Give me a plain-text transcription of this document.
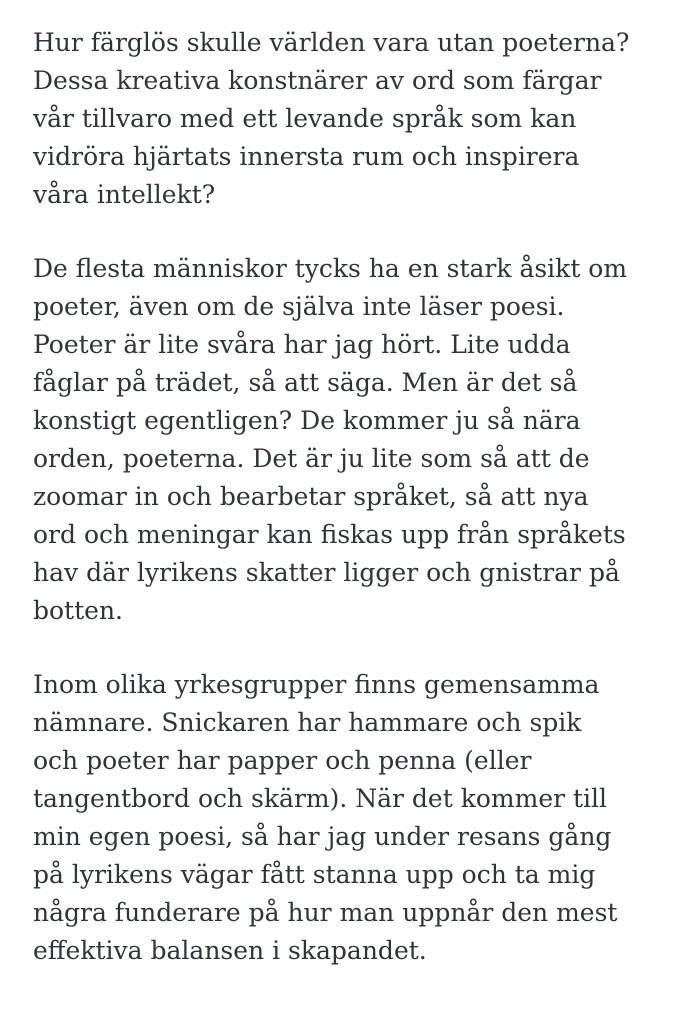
Hur färglös skulle världen vara utan poeterna?
Dessa kreativa konstnärer av ord som färgar
vår tillvaro med ett levande språk som kan
vidröra hjärtats innersta rum och inspirera
våra intellekt?

De flesta människor tycks ha en stark åsikt om
poeter, även om de själva inte läser poesi.
Poeter är lite svåra har jag hört. Lite udda
fåglar på trädet, så att säga. Men är det så
konstigt egentligen? De kommer ju så nära
orden, poeterna. Det är ju lite som så att de
zoomar in och bearbetar språket, så att nya
ord och meningar kan fiskas upp från språkets
hav där lyrikens skatter ligger och gnistrar på
botten.

Inom olika yrkesgrupper finns gemensamma
nämnare. Snickaren har hammare och spik
och poeter har papper och penna (eller
tangentbord och skärm). När det kommer till
min egen poesi, så har jag under resans gång
på lyrikens vägar fått stanna upp och ta mig
några funderare på hur man uppnår den mest
effektiva balansen i skapandet.
